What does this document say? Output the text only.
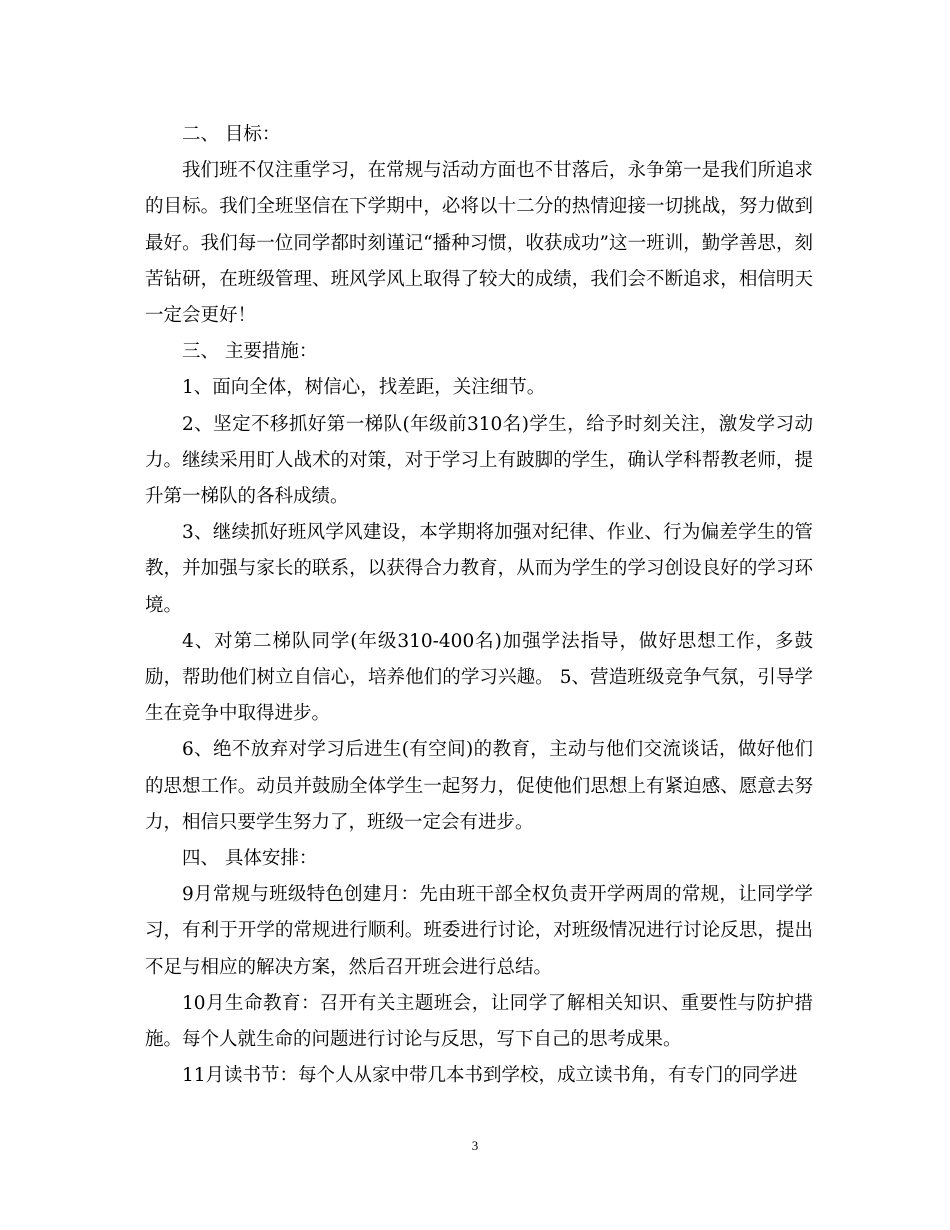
二、 目标：

我们班不仅注重学习，在常规与活动方面也不甘落后，永争第一是我们所追求的目标。我们全班坚信在下学期中，必将以十二分的热情迎接一切挑战，努力做到最好。我们每一位同学都时刻谨记“播种习惯，收获成功”这一班训，勤学善思，刻苦钻研，在班级管理、班风学风上取得了较大的成绩，我们会不断追求，相信明天一定会更好！

三、 主要措施：

1、面向全体，树信心，找差距，关注细节。

2、坚定不移抓好第一梯队(年级前310名)学生，给予时刻关注，激发学习动力。继续采用盯人战术的对策，对于学习上有跛脚的学生，确认学科帮教老师，提升第一梯队的各科成绩。

3、继续抓好班风学风建设，本学期将加强对纪律、作业、行为偏差学生的管教，并加强与家长的联系，以获得合力教育，从而为学生的学习创设良好的学习环境。

4、对第二梯队同学(年级310-400名)加强学法指导，做好思想工作，多鼓励，帮助他们树立自信心，培养他们的学习兴趣。 5、营造班级竞争气氛，引导学生在竞争中取得进步。

6、绝不放弃对学习后进生(有空间)的教育，主动与他们交流谈话，做好他们的思想工作。动员并鼓励全体学生一起努力，促使他们思想上有紧迫感、愿意去努力，相信只要学生努力了，班级一定会有进步。

四、 具体安排：

9月常规与班级特色创建月：先由班干部全权负责开学两周的常规，让同学学习，有利于开学的常规进行顺利。班委进行讨论，对班级情况进行讨论反思，提出不足与相应的解决方案，然后召开班会进行总结。

10月生命教育：召开有关主题班会，让同学了解相关知识、重要性与防护措施。每个人就生命的问题进行讨论与反思，写下自己的思考成果。

11月读书节：每个人从家中带几本书到学校，成立读书角，有专门的同学进

3
